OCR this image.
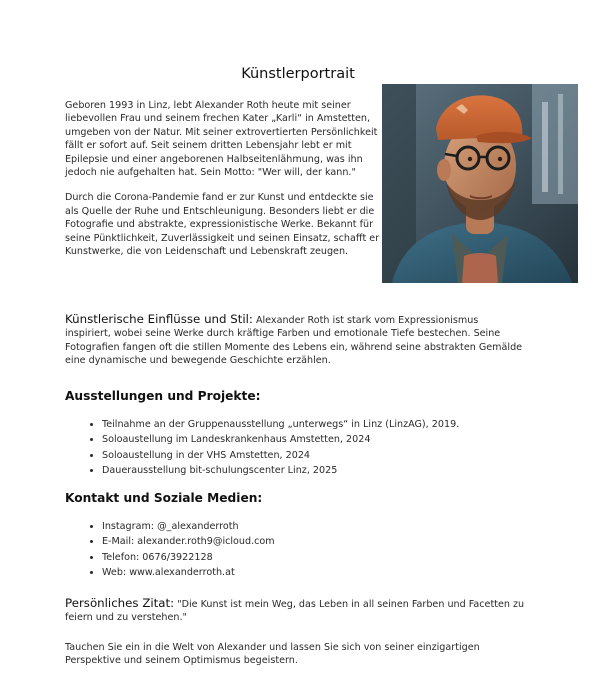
Künstlerportrait

Geboren 1993 in Linz, lebt Alexander Roth heute mit seiner liebevollen Frau und seinem frechen Kater „Karli“ in Amstetten, umgeben von der Natur. Mit seiner extrovertierten Persönlichkeit fällt er sofort auf. Seit seinem dritten Lebensjahr lebt er mit Epilepsie und einer angeborenen Halbseitenlähmung, was ihn jedoch nie aufgehalten hat. Sein Motto: "Wer will, der kann."

Durch die Corona-Pandemie fand er zur Kunst und entdeckte sie als Quelle der Ruhe und Entschleunigung. Besonders liebt er die Fotografie und abstrakte, expressionistische Werke. Bekannt für seine Pünktlichkeit, Zuverlässigkeit und seinen Einsatz, schafft er Kunstwerke, die von Leidenschaft und Lebenskraft zeugen.

Künstlerische Einflüsse und Stil: Alexander Roth ist stark vom Expressionismus inspiriert, wobei seine Werke durch kräftige Farben und emotionale Tiefe bestechen. Seine Fotografien fangen oft die stillen Momente des Lebens ein, während seine abstrakten Gemälde eine dynamische und bewegende Geschichte erzählen.
Ausstellungen und Projekte:
• Teilnahme an der Gruppenausstellung „unterwegs“ in Linz (LinzAG), 2019.
• Soloaustellung im Landeskrankenhaus Amstetten, 2024
• Soloaustellung in der VHS Amstetten, 2024
• Dauerausstellung bit-schulungscenter Linz, 2025
Kontakt und Soziale Medien:
• Instagram: @_alexanderroth
• E-Mail: alexander.roth9@icloud.com
• Telefon: 0676/3922128
• Web: www.alexanderroth.at
Persönliches Zitat: "Die Kunst ist mein Weg, das Leben in all seinen Farben und Facetten zu feiern und zu verstehen."
Tauchen Sie ein in die Welt von Alexander und lassen Sie sich von seiner einzigartigen Perspektive und seinem Optimismus begeistern.
